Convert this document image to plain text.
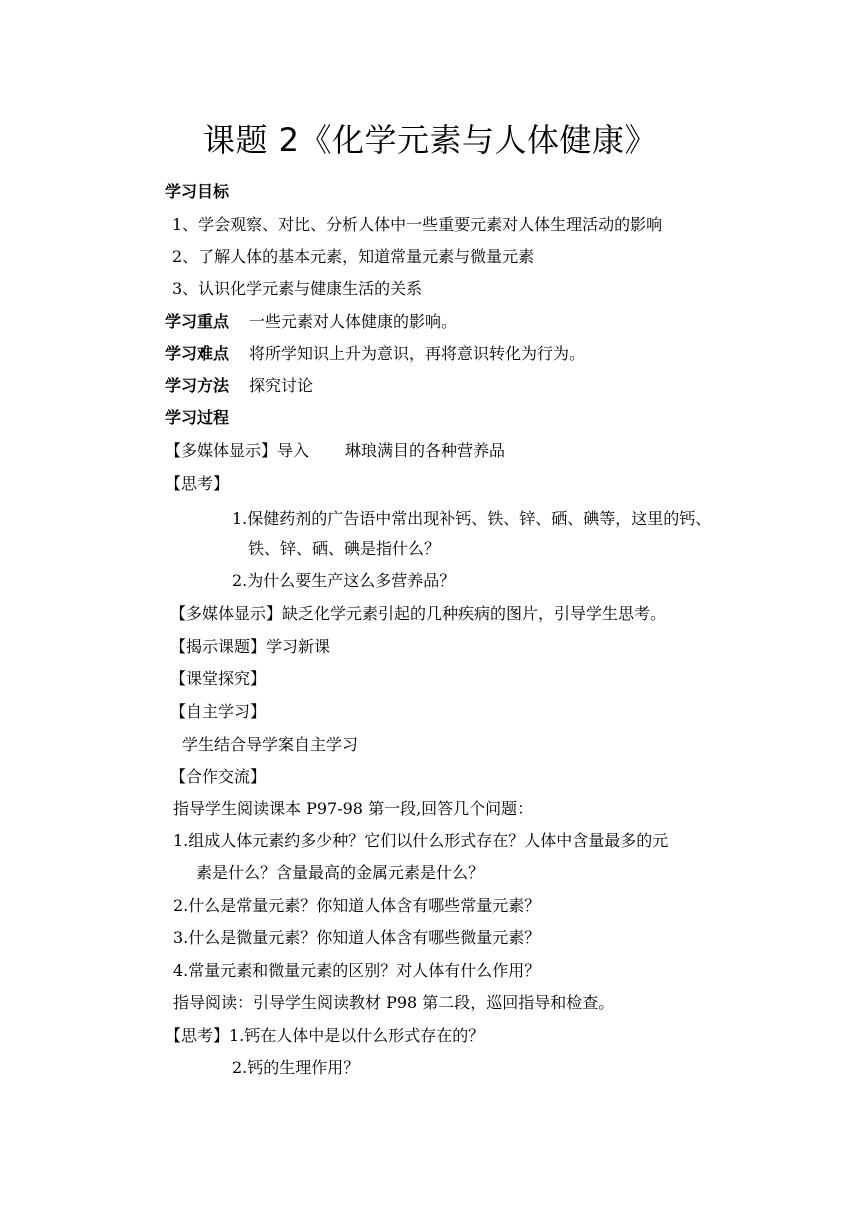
课题 2《化学元素与人体健康》
学习目标
1、学会观察、对比、分析人体中一些重要元素对人体生理活动的影响
2、了解人体的基本元素，知道常量元素与微量元素
3、认识化学元素与健康生活的关系
学习重点 一些元素对人体健康的影响。
学习难点 将所学知识上升为意识，再将意识转化为行为。
学习方法 探究讨论
学习过程
【多媒体显示】导入 琳琅满目的各种营养品
【思考】
1.保健药剂的广告语中常出现补钙、铁、锌、硒、碘等，这里的钙、
铁、锌、硒、碘是指什么？
2.为什么要生产这么多营养品？
【多媒体显示】缺乏化学元素引起的几种疾病的图片，引导学生思考。
【揭示课题】学习新课
【课堂探究】
【自主学习】
学生结合导学案自主学习
【合作交流】
指导学生阅读课本 P97-98 第一段,回答几个问题：
1.组成人体元素约多少种？它们以什么形式存在？人体中含量最多的元
素是什么？含量最高的金属元素是什么？
2.什么是常量元素？你知道人体含有哪些常量元素？
3.什么是微量元素？你知道人体含有哪些微量元素？
4.常量元素和微量元素的区别？对人体有什么作用？
指导阅读：引导学生阅读教材 P98 第二段，巡回指导和检查。
【思考】1.钙在人体中是以什么形式存在的？
2.钙的生理作用？
